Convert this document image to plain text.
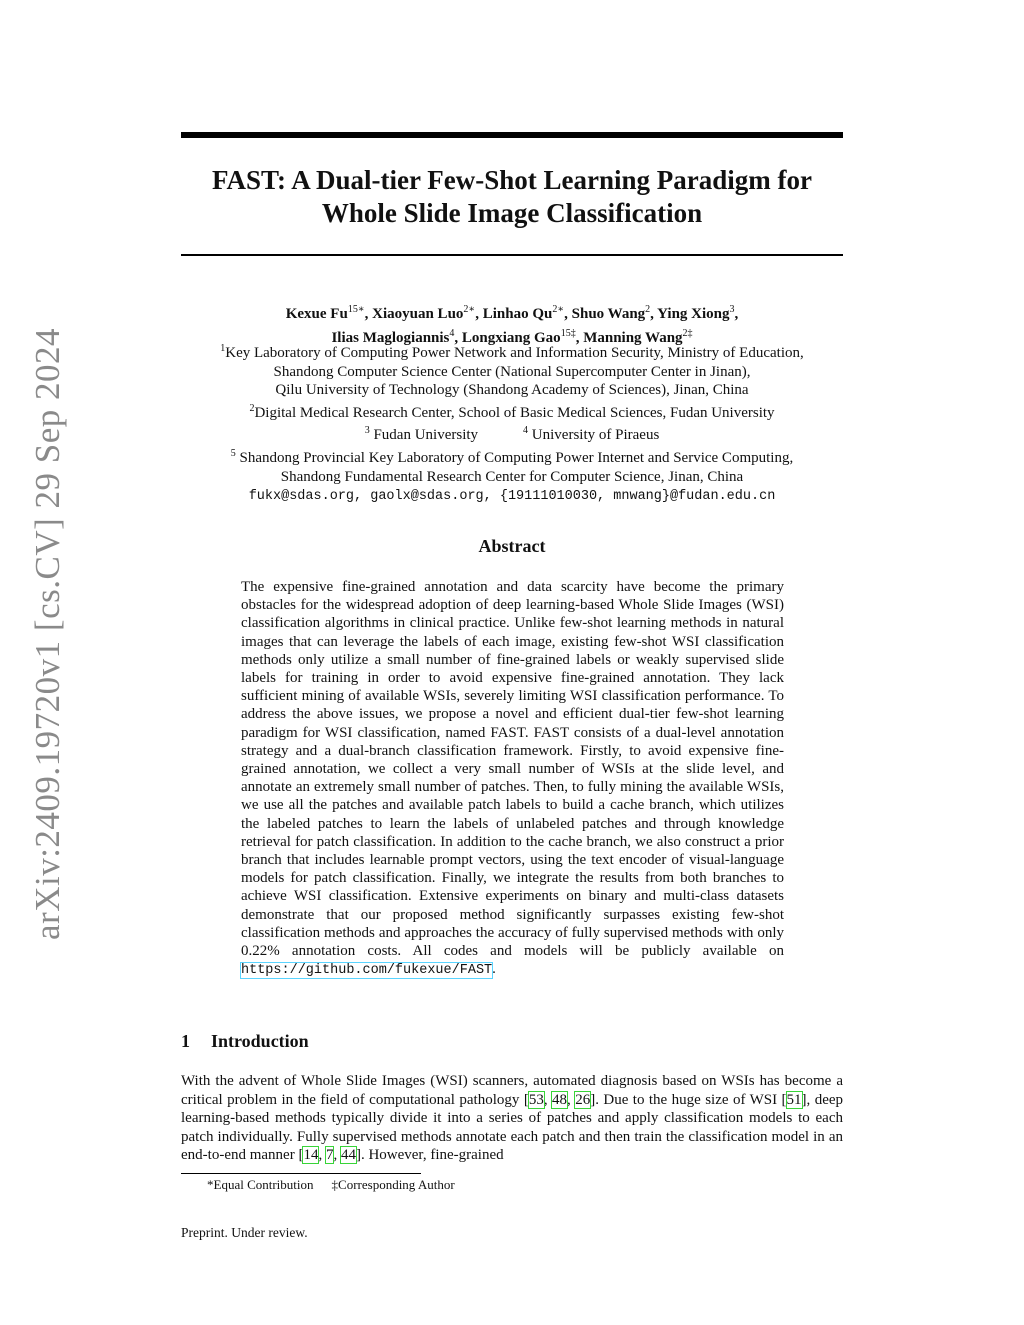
arXiv:2409.19720v1 [cs.CV] 29 Sep 2024
FAST: A Dual-tier Few-Shot Learning Paradigm for
Whole Slide Image Classification
Kexue $Fu^{15∗}$, Xiaoyuan Luo$^{2∗}$, Linhao $Qu^{2∗}$, Shuo Wang$^2$, Ying Xiong$^3$,
Ilias Maglogiannis$^4$, Longxiang Gao$^{15\ddagger}$, Manning Wang$^{2\ddagger}$
$^1$Key Laboratory of Computing Power Network and Information Security, Ministry of Education,
Shandong Computer Science Center (National Supercomputer Center in Jinan),
Qilu University of Technology (Shandong Academy of Sciences), Jinan, China
$^2$Digital Medical Research Center, School of Basic Medical Sciences, Fudan University
$^3$ Fudan University   	$^4$ University of Piraeus
$^5$ Shandong Provincial Key Laboratory of Computing Power Internet and Service Computing,
Shandong Fundamental Research Center for Computer Science, Jinan, China
fukx@sdas.org, gaolx@sdas.org, {19111010030, mnwang}@fudan.edu.cn
Abstract
The expensive fine-grained annotation and data scarcity have become the primary obstacles for the widespread adoption of deep learning-based Whole Slide Images (WSI) classification algorithms in clinical practice. Unlike few-shot learning methods in natural images that can leverage the labels of each image, existing few-shot WSI classification methods only utilize a small number of fine-grained labels or weakly supervised slide labels for training in order to avoid expensive fine-grained annotation. They lack sufficient mining of available WSIs, severely limiting WSI classification performance. To address the above issues, we propose a novel and efficient dual-tier few-shot learning paradigm for WSI classification, named FAST. FAST consists of a dual-level annotation strategy and a dual-branch classification framework. Firstly, to avoid expensive fine-grained annotation, we collect a very small number of WSIs at the slide level, and annotate an extremely small number of patches. Then, to fully mining the available WSIs, we use all the patches and available patch labels to build a cache branch, which utilizes the labeled patches to learn the labels of unlabeled patches and through knowledge retrieval for patch classification. In addition to the cache branch, we also construct a prior branch that includes learnable prompt vectors, using the text encoder of visual-language models for patch classification. Finally, we integrate the results from both branches to achieve WSI classification. Extensive experiments on binary and multi-class datasets demonstrate that our proposed method significantly surpasses existing few-shot classification methods and approaches the accuracy of fully supervised methods with only 0.22% annotation costs. All codes and models will be publicly available on https://github.com/fukexue/FAST.
1 Introduction
With the advent of Whole Slide Images (WSI) scanners, automated diagnosis based on WSIs has become a critical problem in the field of computational pathology [53, 48, 26]. Due to the huge size of WSI [51], deep learning-based methods typically divide it into a series of patches and apply classification models to each patch individually. Fully supervised methods annotate each patch and then train the classification model in an end-to-end manner [14, 7, 44]. However, fine-grained
*Equal Contribution ‡Corresponding Author
Preprint. Under review.
